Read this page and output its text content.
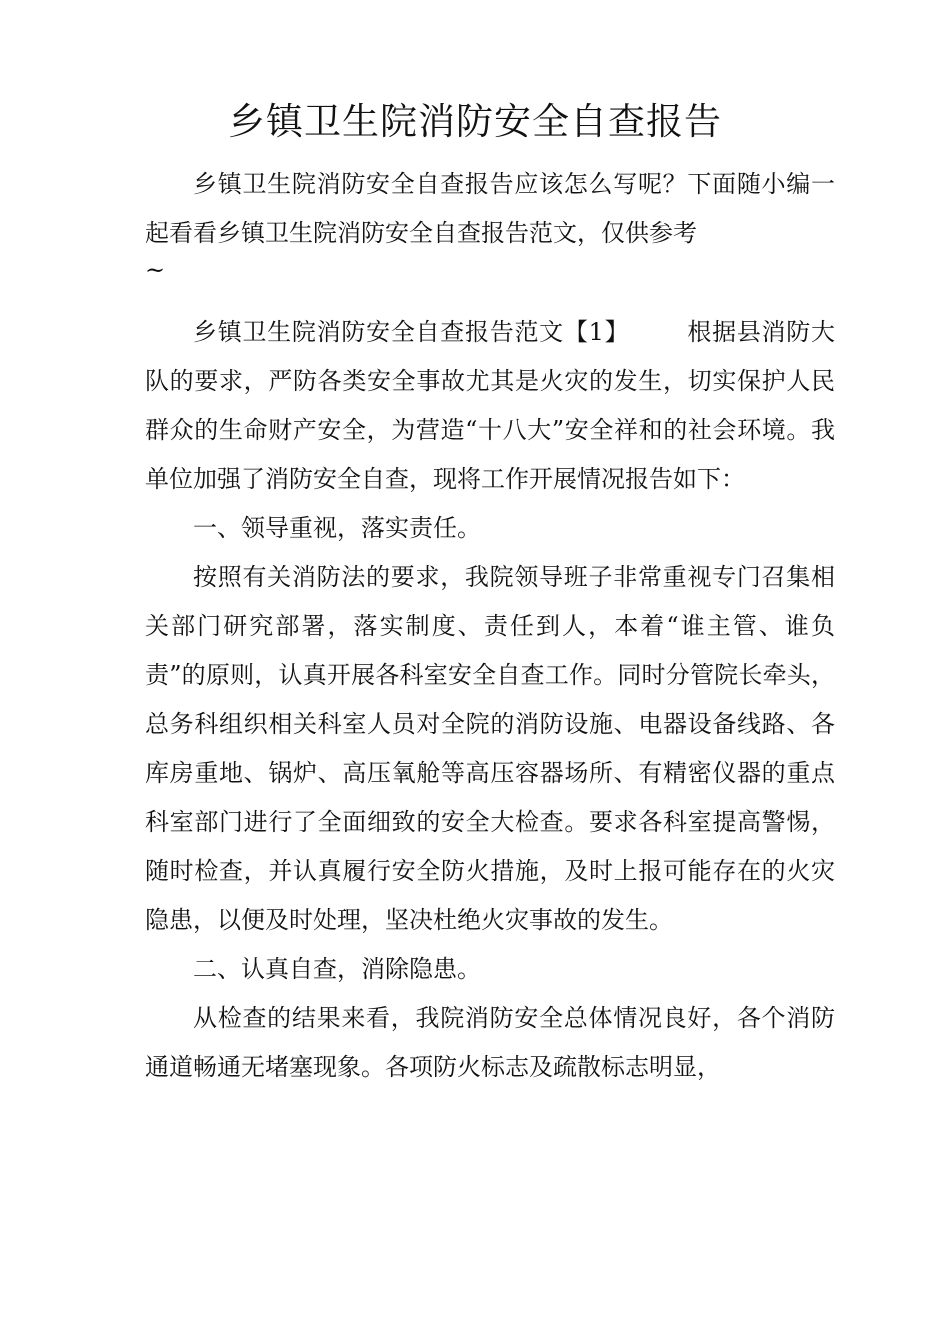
乡镇卫生院消防安全自查报告

乡镇卫生院消防安全自查报告应该怎么写呢？下面随小编一起看看乡镇卫生院消防安全自查报告范文，仅供参考
~

乡镇卫生院消防安全自查报告范文【1】 根据县消防大队的要求，严防各类安全事故尤其是火灾的发生，切实保护人民群众的生命财产安全，为营造“十八大”安全祥和的社会环境。我单位加强了消防安全自查，现将工作开展情况报告如下：

一、领导重视，落实责任。

按照有关消防法的要求，我院领导班子非常重视专门召集相关部门研究部署，落实制度、责任到人，本着“谁主管、谁负责”的原则，认真开展各科室安全自查工作。同时分管院长牵头，总务科组织相关科室人员对全院的消防设施、电器设备线路、各库房重地、锅炉、高压氧舱等高压容器场所、有精密仪器的重点科室部门进行了全面细致的安全大检查。要求各科室提高警惕，随时检查，并认真履行安全防火措施，及时上报可能存在的火灾隐患，以便及时处理，坚决杜绝火灾事故的发生。

二、认真自查，消除隐患。

从检查的结果来看，我院消防安全总体情况良好，各个消防通道畅通无堵塞现象。各项防火标志及疏散标志明显，
